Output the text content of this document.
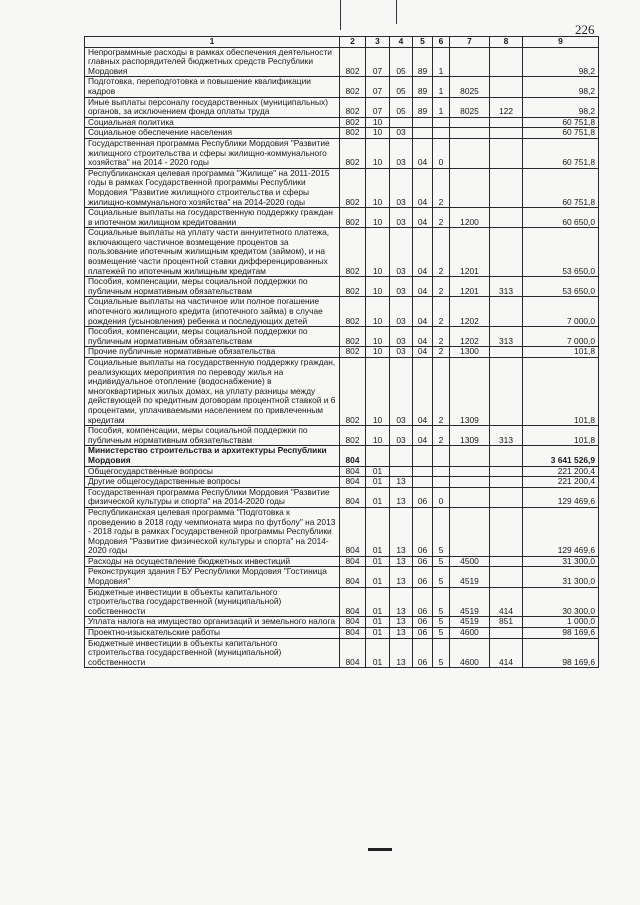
226
1	2	3	4	5	6	7	8	9
Непрограммные расходы в рамках обеспечения деятельности главных распорядителей бюджетных средств Республики Мордовия	802	07	05	89	1			98,2
Подготовка, переподготовка и повышение квалификации кадров	802	07	05	89	1	8025		98,2
Иные выплаты персоналу государственных (муниципальных) органов, за исключением фонда оплаты труда	802	07	05	89	1	8025	122	98,2
Социальная политика	802	10						60 751,8
Социальное обеспечение населения	802	10	03					60 751,8
Государственная программа Республики Мордовия "Развитие жилищного строительства и сферы жилищно-коммунального хозяйства" на 2014 - 2020 годы	802	10	03	04	0			60 751,8
Республиканская целевая программа "Жилище" на 2011-2015 годы в рамках Государственной программы Республики Мордовия "Развитие жилищного строительства и сферы жилищно-коммунального хозяйства" на 2014-2020 годы	802	10	03	04	2			60 751,8
Социальные выплаты на государственную поддержку граждан в ипотечном жилищном кредитовании	802	10	03	04	2	1200		60 650,0
Социальные выплаты на уплату части аннуитетного платежа, включающего частичное возмещение процентов за пользование ипотечным жилищным кредитом (займом), и на возмещение части процентной ставки дифференцированных платежей по ипотечным жилищным кредитам	802	10	03	04	2	1201		53 650,0
Пособия, компенсации, меры социальной поддержки по публичным нормативным обязательствам	802	10	03	04	2	1201	313	53 650,0
Социальные выплаты на частичное или полное погашение ипотечного жилищного кредита (ипотечного займа) в случае рождения (усыновления) ребенка и последующих детей	802	10	03	04	2	1202		7 000,0
Пособия, компенсации, меры социальной поддержки по публичным нормативным обязательствам	802	10	03	04	2	1202	313	7 000,0
Прочие публичные нормативные обязательства	802	10	03	04	2	1300		101,8
Социальные выплаты на государственную поддержку граждан, реализующих мероприятия по переводу жилья на индивидуальное отопление (водоснабжение) в многоквартирных жилых домах, на уплату разницы между действующей по кредитным договорам процентной ставкой и 6 процентами, уплачиваемыми населением по привлеченным кредитам	802	10	03	04	2	1309		101,8
Пособия, компенсации, меры социальной поддержки по публичным нормативным обязательствам	802	10	03	04	2	1309	313	101,8
Министерство строительства и архитектуры Республики Мордовия	804							3 641 526,9
Общегосударственные вопросы	804	01						221 200,4
Другие общегосударственные вопросы	804	01	13					221 200,4
Государственная программа Республики Мордовия "Развитие физической культуры и спорта" на 2014-2020 годы	804	01	13	06	0			129 469,6
Республиканская целевая программа "Подготовка к проведению в 2018 году чемпионата мира по футболу" на 2013 - 2018 годы в рамках Государственной программы Республики Мордовия "Развитие физической культуры и спорта" на 2014-2020 годы	804	01	13	06	5			129 469,6
Расходы на осуществление бюджетных инвестиций	804	01	13	06	5	4500		31 300,0
Реконструкция здания ГБУ Республики Мордовия "Гостиница Мордовия"	804	01	13	06	5	4519		31 300,0
Бюджетные инвестиции в объекты капитального строительства государственной (муниципальной) собственности	804	01	13	06	5	4519	414	30 300,0
Уплата налога на имущество организаций и земельного налога	804	01	13	06	5	4519	851	1 000,0
Проектно-изыскательские работы	804	01	13	06	5	4600		98 169,6
Бюджетные инвестиции в объекты капитального строительства государственной (муниципальной) собственности	804	01	13	06	5	4600	414	98 169,6
